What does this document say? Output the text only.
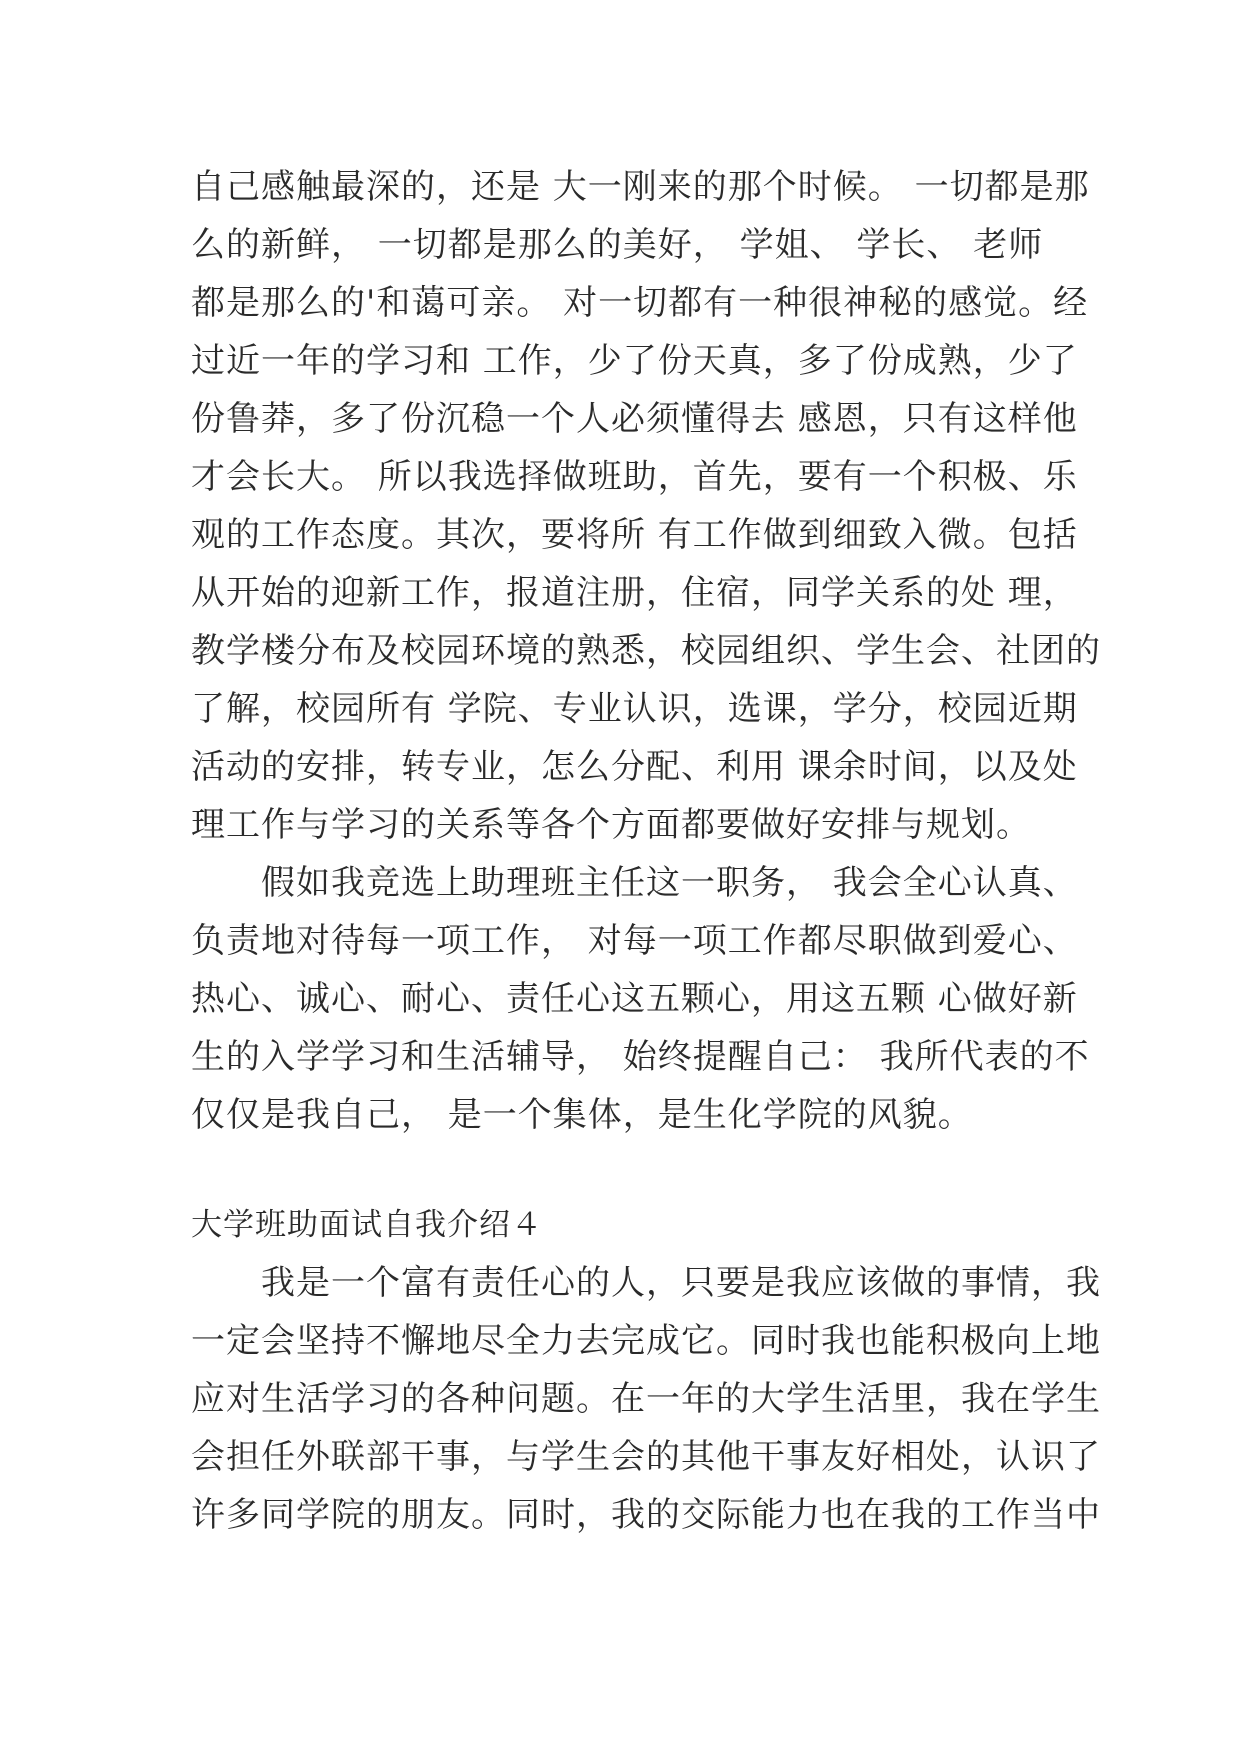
自己感触最深的，还是 大一刚来的那个时候。 一切都是那
么的新鲜， 一切都是那么的美好， 学姐、 学长、 老师
都是那么的'和蔼可亲。 对一切都有一种很神秘的感觉。经
过近一年的学习和 工作，少了份天真，多了份成熟，少了
份鲁莽，多了份沉稳一个人必须懂得去 感恩，只有这样他
才会长大。 所以我选择做班助，首先，要有一个积极、乐
观的工作态度。其次，要将所 有工作做到细致入微。包括
从开始的迎新工作，报道注册，住宿，同学关系的处 理，
教学楼分布及校园环境的熟悉，校园组织、学生会、社团的
了解，校园所有 学院、专业认识，选课，学分，校园近期
活动的安排，转专业，怎么分配、利用 课余时间，以及处
理工作与学习的关系等各个方面都要做好安排与规划。
　　假如我竞选上助理班主任这一职务， 我会全心认真、
负责地对待每一项工作， 对每一项工作都尽职做到爱心、
热心、诚心、耐心、责任心这五颗心，用这五颗 心做好新
生的入学学习和生活辅导， 始终提醒自己： 我所代表的不
仅仅是我自己， 是一个集体，是生化学院的风貌。
大学班助面试自我介绍４
　　我是一个富有责任心的人，只要是我应该做的事情，我
一定会坚持不懈地尽全力去完成它。同时我也能积极向上地
应对生活学习的各种问题。在一年的大学生活里，我在学生
会担任外联部干事，与学生会的其他干事友好相处，认识了
许多同学院的朋友。同时，我的交际能力也在我的工作当中
